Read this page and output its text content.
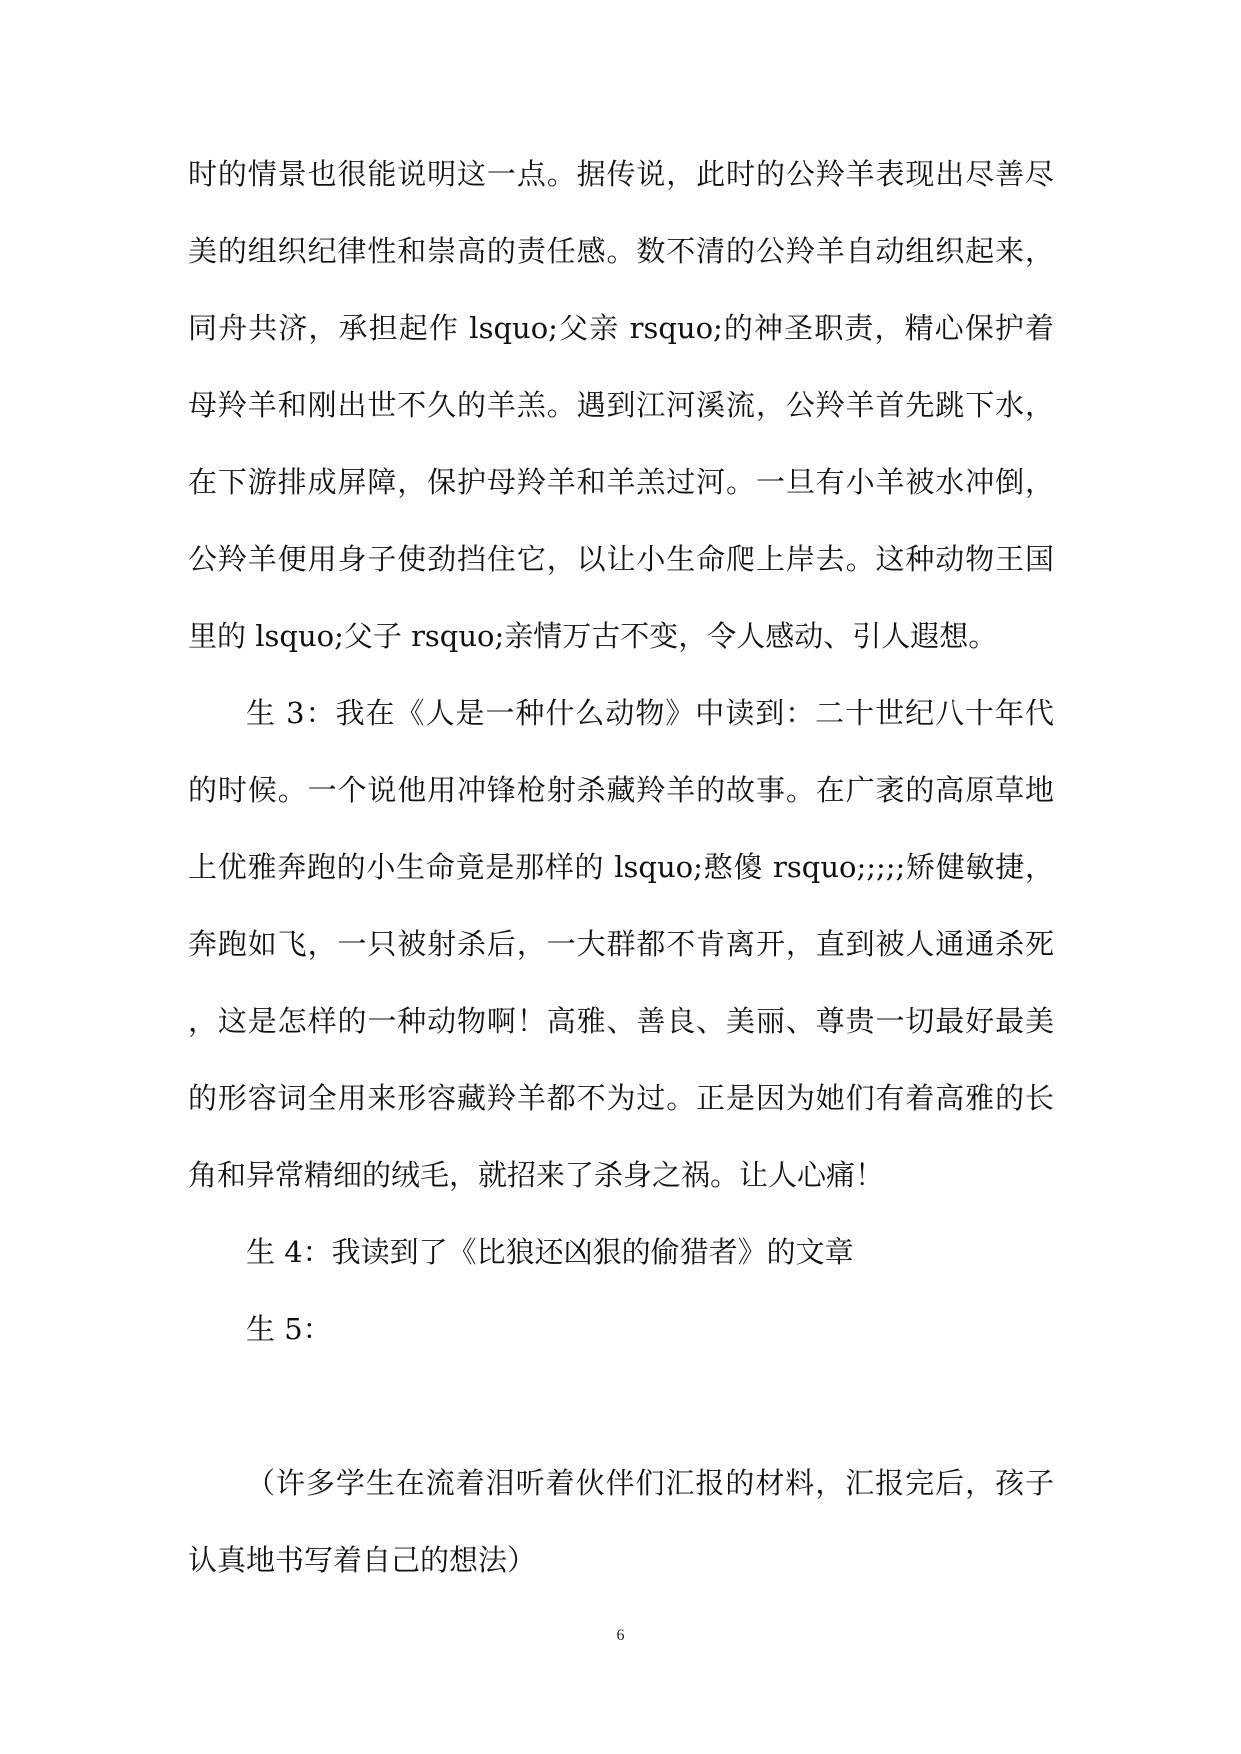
时的情景也很能说明这一点。据传说，此时的公羚羊表现出尽善尽美的组织纪律性和崇高的责任感。数不清的公羚羊自动组织起来，同舟共济，承担起作 lsquo;父亲 rsquo;的神圣职责，精心保护着母羚羊和刚出世不久的羊羔。遇到江河溪流，公羚羊首先跳下水，在下游排成屏障，保护母羚羊和羊羔过河。一旦有小羊被水冲倒，公羚羊便用身子使劲挡住它，以让小生命爬上岸去。这种动物王国里的 lsquo;父子 rsquo;亲情万古不变，令人感动、引人遐想。

生 3：我在《人是一种什么动物》中读到：二十世纪八十年代的时候。一个说他用冲锋枪射杀藏羚羊的故事。在广袤的高原草地上优雅奔跑的小生命竟是那样的 lsquo;憨傻 rsquo;;;;;矫健敏捷，奔跑如飞，一只被射杀后，一大群都不肯离开，直到被人通通杀死，这是怎样的一种动物啊！高雅、善良、美丽、尊贵一切最好最美的形容词全用来形容藏羚羊都不为过。正是因为她们有着高雅的长角和异常精细的绒毛，就招来了杀身之祸。让人心痛！

生 4：我读到了《比狼还凶狠的偷猎者》的文章

生 5：

（许多学生在流着泪听着伙伴们汇报的材料，汇报完后，孩子认真地书写着自己的想法）

6
